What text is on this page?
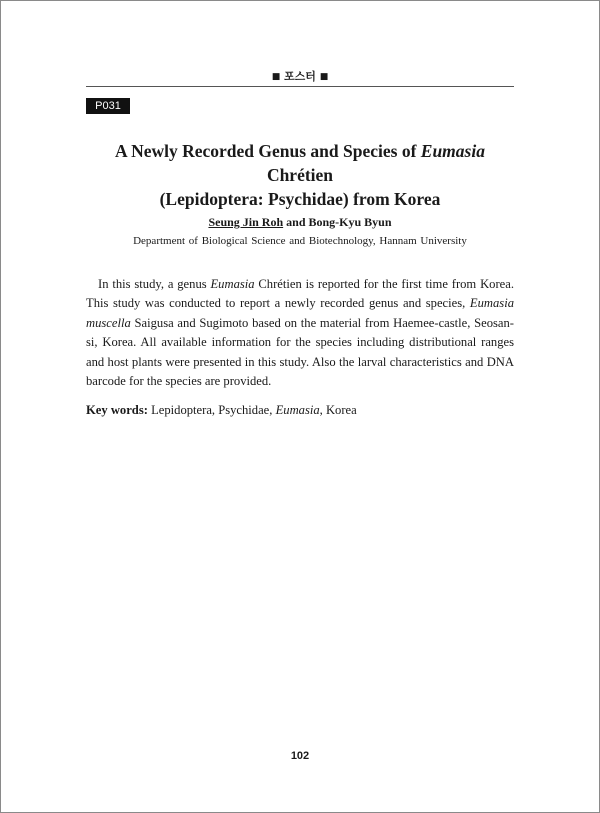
■ 포스터 ■
P031
A Newly Recorded Genus and Species of Eumasia Chrétien
(Lepidoptera: Psychidae) from Korea
Seung Jin Roh and Bong-Kyu Byun
Department of Biological Science and Biotechnology, Hannam University

In this study, a genus Eumasia Chrétien is reported for the first time from Korea. This study was conducted to report a newly recorded genus and species, Eumasia muscella Saigusa and Sugimoto based on the material from Haemee-castle, Seosan-si, Korea. All available information for the species including distributional ranges and host plants were presented in this study. Also the larval characteristics and DNA barcode for the species are provided.

Key words: Lepidoptera, Psychidae, Eumasia, Korea
102
